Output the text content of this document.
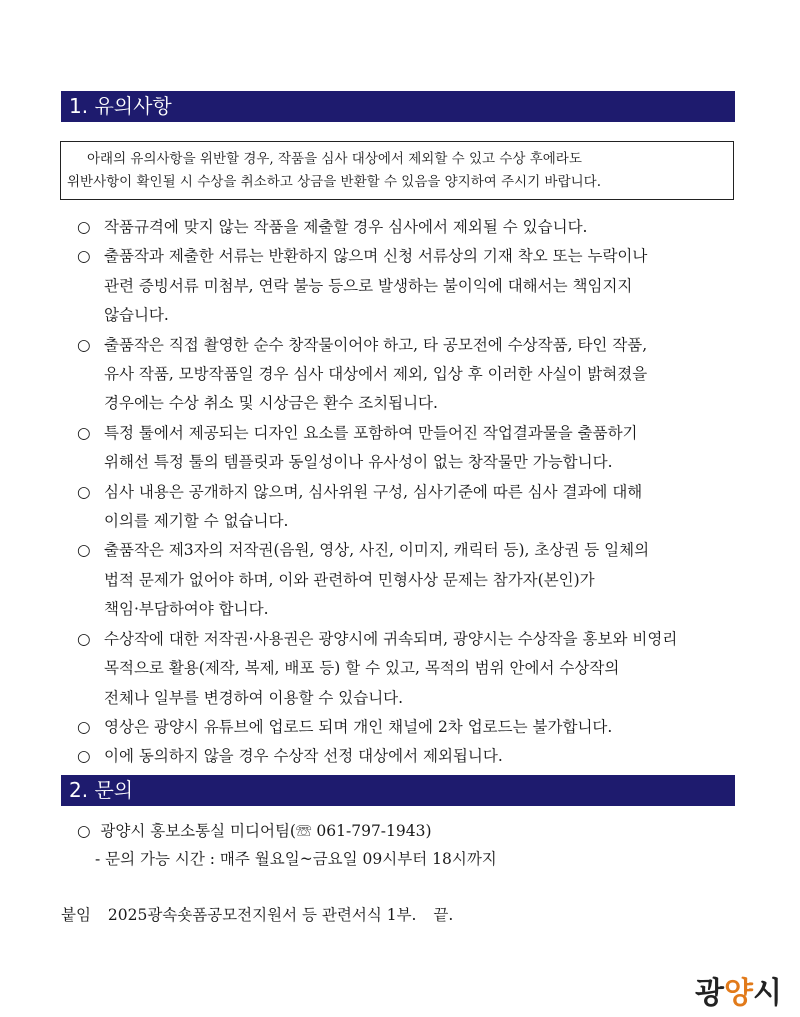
1. 유의사항
아래의 유의사항을 위반할 경우, 작품을 심사 대상에서 제외할 수 있고 수상 후에라도
위반사항이 확인될 시 수상을 취소하고 상금을 반환할 수 있음을 양지하여 주시기 바랍니다.
○ 작품규격에 맞지 않는 작품을 제출할 경우 심사에서 제외될 수 있습니다.
○ 출품작과 제출한 서류는 반환하지 않으며 신청 서류상의 기재 착오 또는 누락이나
관련 증빙서류 미첨부, 연락 불능 등으로 발생하는 불이익에 대해서는 책임지지
않습니다.
○ 출품작은 직접 촬영한 순수 창작물이어야 하고, 타 공모전에 수상작품, 타인 작품,
유사 작품, 모방작품일 경우 심사 대상에서 제외, 입상 후 이러한 사실이 밝혀졌을
경우에는 수상 취소 및 시상금은 환수 조치됩니다.
○ 특정 툴에서 제공되는 디자인 요소를 포함하여 만들어진 작업결과물을 출품하기
위해선 특정 툴의 템플릿과 동일성이나 유사성이 없는 창작물만 가능합니다.
○ 심사 내용은 공개하지 않으며, 심사위원 구성, 심사기준에 따른 심사 결과에 대해
이의를 제기할 수 없습니다.
○ 출품작은 제3자의 저작권(음원, 영상, 사진, 이미지, 캐릭터 등), 초상권 등 일체의
법적 문제가 없어야 하며, 이와 관련하여 민형사상 문제는 참가자(본인)가
책임·부담하여야 합니다.
○ 수상작에 대한 저작권·사용권은 광양시에 귀속되며, 광양시는 수상작을 홍보와 비영리
목적으로 활용(제작, 복제, 배포 등) 할 수 있고, 목적의 범위 안에서 수상작의
전체나 일부를 변경하여 이용할 수 있습니다.
○ 영상은 광양시 유튜브에 업로드 되며 개인 채널에 2차 업로드는 불가합니다.
○ 이에 동의하지 않을 경우 수상작 선정 대상에서 제외됩니다.
2. 문의
○ 광양시 홍보소통실 미디어팀(☏ 061-797-1943)
- 문의 가능 시간 : 매주 월요일~금요일 09시부터 18시까지
붙임 2025광속숏폼공모전지원서 등 관련서식 1부. 끝.
광양시
